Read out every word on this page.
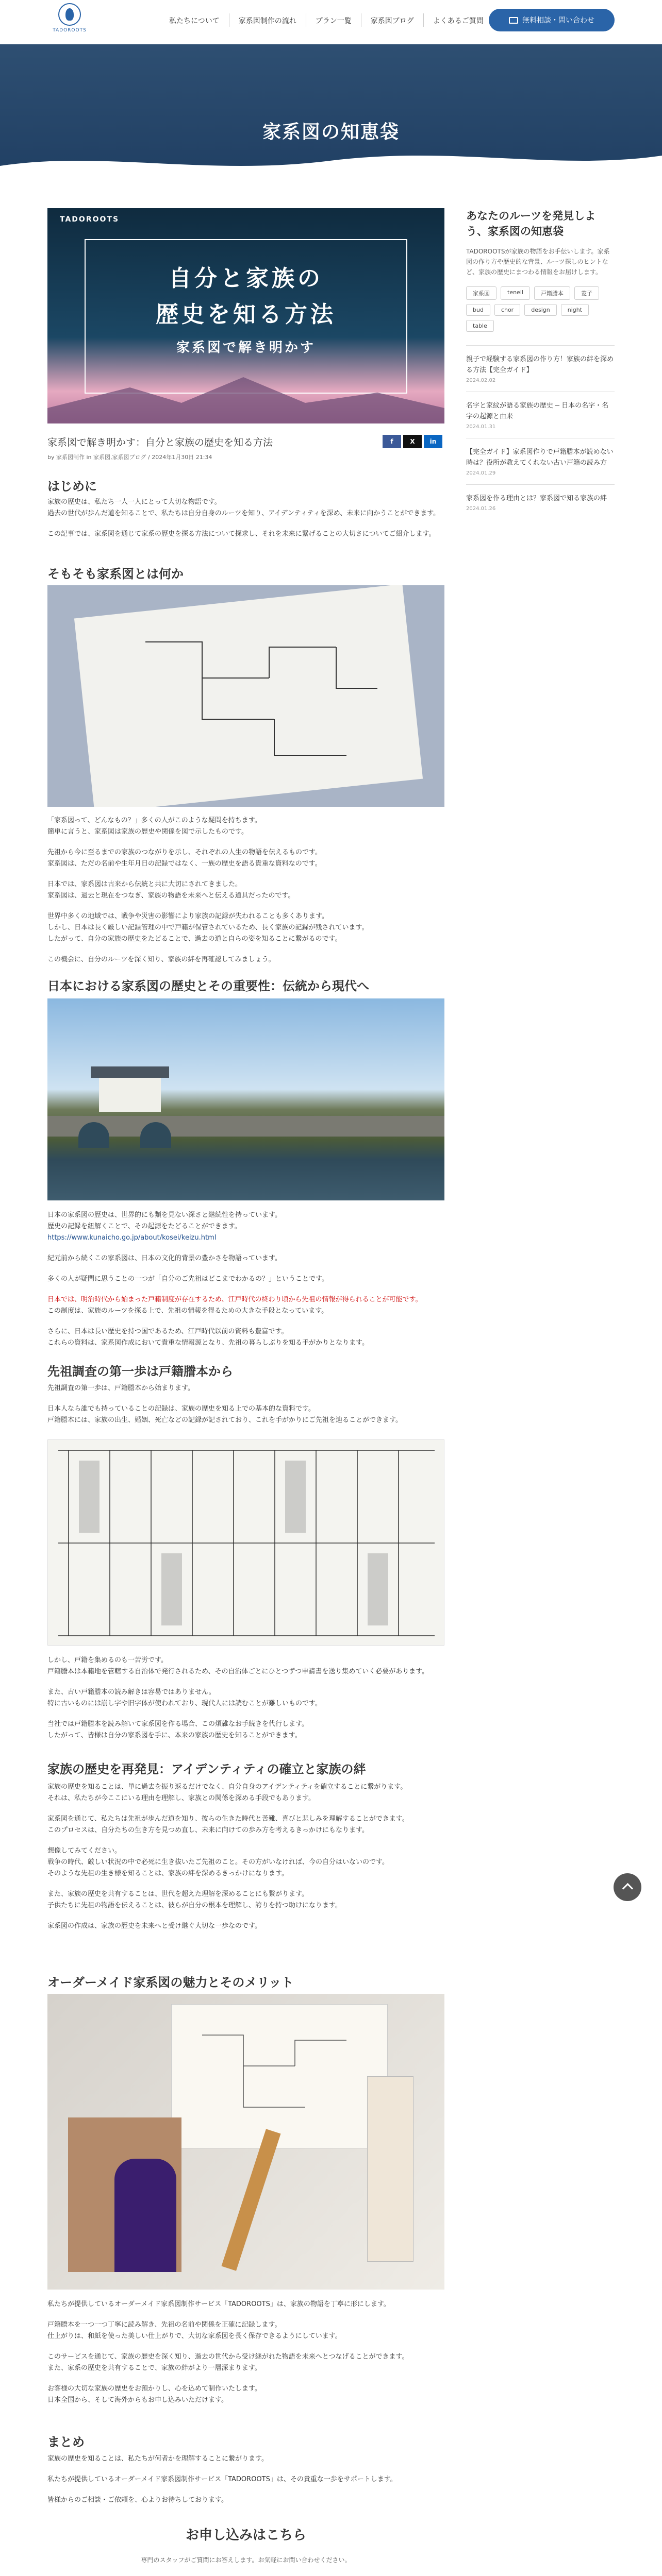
TADOROOTS
私たちについて	家系図制作の流れ	プラン一覧	家系図ブログ	よくあるご質問	無料相談・問い合わせ
家系図の知恵袋
TADOROOTS
自分と家族の
歴史を知る方法
家系図で解き明かす
家系図で解き明かす：自分と家族の歴史を知る方法	f	X	in
by 家系図制作 in 家系図,家系図ブログ / 2024年1月30日 21:34
はじめに

家族の歴史は、私たち一人一人にとって大切な物語です。

過去の世代が歩んだ道を知ることで、私たちは自分自身のルーツを知り、アイデンティティを深め、未来に向かうことができます。

この記事では、家系図を通じて家系の歴史を探る方法について探求し、それを未来に繋げることの大切さについてご紹介します。

そもそも家系図とは何か

「家系図って、どんなもの？」多くの人がこのような疑問を持ちます。

簡単に言うと、家系図は家族の歴史や関係を図で示したものです。

先祖から今に至るまでの家族のつながりを示し、それぞれの人生の物語を伝えるものです。

家系図は、ただの名前や生年月日の記録ではなく、一族の歴史を語る貴重な資料なのです。

日本では、家系図は古来から伝統と共に大切にされてきました。

家系図は、過去と現在をつなぎ、家族の物語を未来へと伝える道具だったのです。

世界中多くの地域では、戦争や災害の影響により家族の記録が失われることも多くあります。

しかし、日本は長く厳しい記録管理の中で戸籍が保管されているため、長く家族の記録が残されています。

したがって、自分の家族の歴史をたどることで、過去の道と自らの姿を知ることに繋がるのです。

この機会に、自分のルーツを深く知り、家族の絆を再確認してみましょう。

日本における家系図の歴史とその重要性：伝統から現代へ

日本の家系図の歴史は、世界的にも類を見ない深さと継続性を持っています。

歴史の記録を紐解くことで、その起源をたどることができます。

https://www.kunaicho.go.jp/about/kosei/keizu.html

紀元前から続くこの家系図は、日本の文化的背景の豊かさを物語っています。

多くの人が疑問に思うことの一つが「自分のご先祖はどこまでわかるの？」ということです。

日本では、明治時代から始まった戸籍制度が存在するため、江戸時代の終わり頃から先祖の情報が得られることが可能です。

この制度は、家族のルーツを探る上で、先祖の情報を得るための大きな手段となっています。

さらに、日本は長い歴史を持つ国であるため、江戸時代以前の資料も豊富です。

これらの資料は、家系図作成において貴重な情報源となり、先祖の暮らしぶりを知る手がかりとなります。

先祖調査の第一歩は戸籍謄本から

先祖調査の第一歩は、戸籍謄本から始まります。

日本人なら誰でも持っていることの記録は、家族の歴史を知る上での基本的な資料です。

戸籍謄本には、家族の出生、婚姻、死亡などの記録が記されており、これを手がかりにご先祖を辿ることができます。

しかし、戸籍を集めるのも一苦労です。

戸籍謄本は本籍地を管轄する自治体で発行されるため、その自治体ごとにひとつずつ申請書を送り集めていく必要があります。

また、古い戸籍謄本の読み解きは容易ではありません。

特に古いものには崩し字や旧字体が使われており、現代人には読むことが難しいものです。

当社では戸籍謄本を読み解いて家系図を作る場合、この煩雑なお手続きを代行します。

したがって、皆様は自分の家系図を手に、本来の家族の歴史を知ることができます。

家族の歴史を再発見：アイデンティティの確立と家族の絆

家族の歴史を知ることは、単に過去を振り返るだけでなく、自分自身のアイデンティティを確立することに繋がります。

それは、私たちが今ここにいる理由を理解し、家族との関係を深める手段でもあります。

家系図を通じて、私たちは先祖が歩んだ道を知り、彼らの生きた時代と苦難、喜びと悲しみを理解することができます。

このプロセスは、自分たちの生き方を見つめ直し、未来に向けての歩み方を考えるきっかけにもなります。

想像してみてください。

戦争の時代、厳しい状況の中で必死に生き抜いたご先祖のこと。その方がいなければ、今の自分はいないのです。

そのような先祖の生き様を知ることは、家族の絆を深めるきっかけになります。

また、家族の歴史を共有することは、世代を超えた理解を深めることにも繋がります。

子供たちに先祖の物語を伝えることは、彼らが自分の根本を理解し、誇りを持つ助けになります。

家系図の作成は、家族の歴史を未来へと受け継ぐ大切な一歩なのです。

オーダーメイド家系図の魅力とそのメリット

私たちが提供しているオーダーメイド家系図制作サービス「TADOROOTS」は、家族の物語を丁寧に形にします。

戸籍謄本を一つ一つ丁寧に読み解き、先祖の名前や関係を正確に記録します。

仕上がりは、和紙を使った美しい仕上がりで、大切な家系図を長く保存できるようにしています。

このサービスを通じて、家族の歴史を深く知り、過去の世代から受け継がれた物語を未来へとつなげることができます。

また、家系の歴史を共有することで、家族の絆がより一層深まります。

お客様の大切な家族の歴史をお預かりし、心を込めて制作いたします。

日本全国から、そして海外からもお申し込みいただけます。

まとめ

家族の歴史を知ることは、私たちが何者かを理解することに繋がります。

私たちが提供しているオーダーメイド家系図制作サービス「TADOROOTS」は、その貴重な一歩をサポートします。

皆様からのご相談・ご依頼を、心よりお待ちしております。

お申し込みはこちら
専門のスタッフがご質問にお答えします。お気軽にお問い合わせください。
あなたのルーツを発見しよう、家系図の知恵袋
TADOROOTSが家族の物語をお手伝いします。家系図の作り方や歴史的な背景、ルーツ探しのヒントなど、家族の歴史にまつわる情報をお届けします。
家系図	tenell	戸籍謄本	菱子
bud	chor	design	night
table
親子で経験する家系図の作り方！家族の絆を深める方法【完全ガイド】
2024.02.02
名字と家紋が語る家族の歴史 ─ 日本の名字・名字の起源と由来
2024.01.31
【完全ガイド】家系図作りで戸籍謄本が読めない時は？役所が教えてくれない古い戸籍の読み方
2024.01.29
家系図を作る理由とは？家系図で知る家族の絆
2024.01.26
